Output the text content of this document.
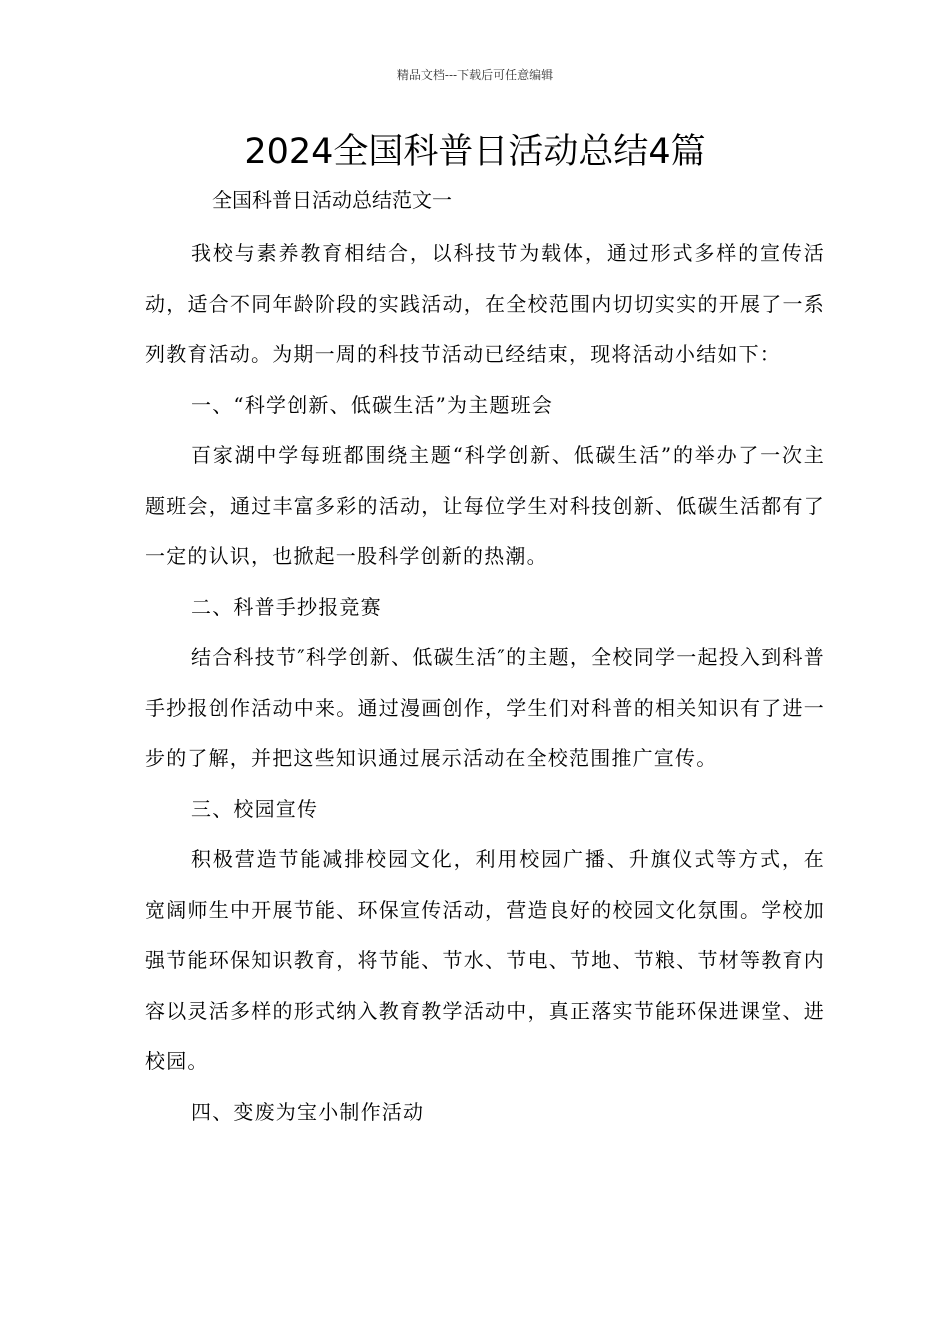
精品文档---下载后可任意编辑
2024全国科普日活动总结4篇
全国科普日活动总结范文一

我校与素养教育相结合，以科技节为载体，通过形式多样的宣传活动，适合不同年龄阶段的实践活动，在全校范围内切切实实的开展了一系列教育活动。为期一周的科技节活动已经结束，现将活动小结如下：

一、“科学创新、低碳生活”为主题班会

百家湖中学每班都围绕主题“科学创新、低碳生活”的举办了一次主题班会，通过丰富多彩的活动，让每位学生对科技创新、低碳生活都有了一定的认识，也掀起一股科学创新的热潮。

二、科普手抄报竞赛

结合科技节″科学创新、低碳生活″的主题，全校同学一起投入到科普手抄报创作活动中来。通过漫画创作，学生们对科普的相关知识有了进一步的了解，并把这些知识通过展示活动在全校范围推广宣传。

三、校园宣传

积极营造节能减排校园文化，利用校园广播、升旗仪式等方式，在宽阔师生中开展节能、环保宣传活动，营造良好的校园文化氛围。学校加强节能环保知识教育，将节能、节水、节电、节地、节粮、节材等教育内容以灵活多样的形式纳入教育教学活动中，真正落实节能环保进课堂、进校园。

四、变废为宝小制作活动
